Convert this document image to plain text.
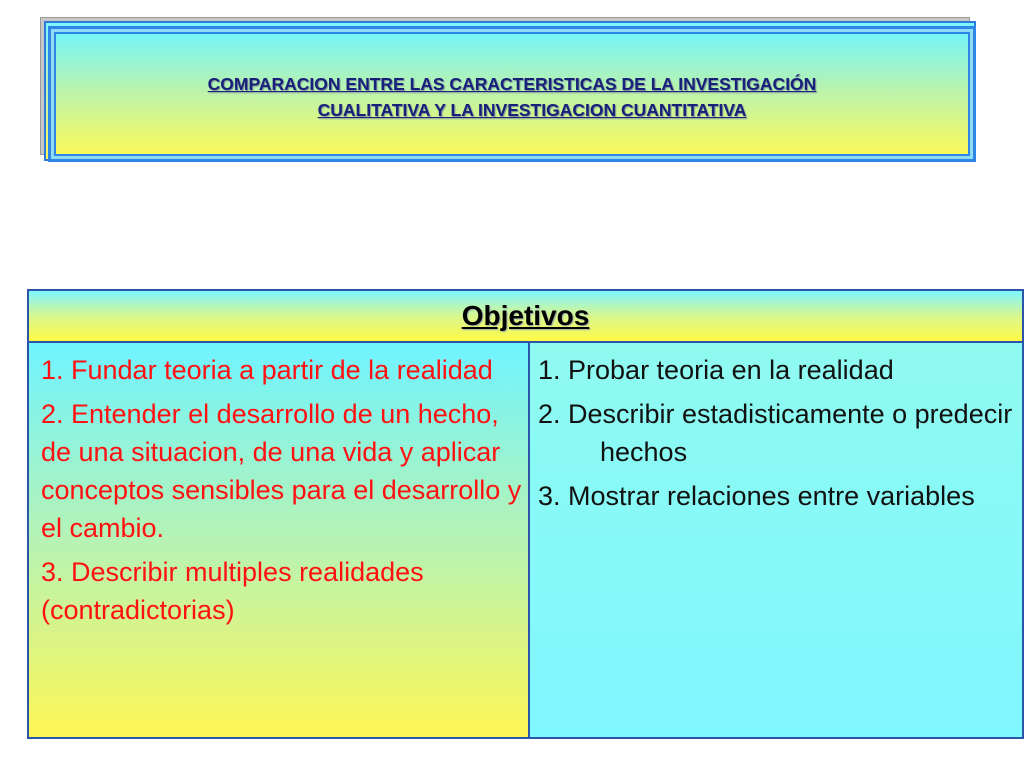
COMPARACION ENTRE LAS CARACTERISTICAS DE LA INVESTIGACIÓN
CUALITATIVA Y LA INVESTIGACION CUANTITATIVA
Objetivos
1. Fundar teoria a partir de la realidad
2. Entender el desarrollo de un hecho, de una situacion, de una vida y aplicar conceptos sensibles para el desarrollo y el cambio.
3. Describir multiples realidades (contradictorias)
1. Probar teoria en la realidad
2. Describir estadisticamente o predecir hechos
3. Mostrar relaciones entre variables
